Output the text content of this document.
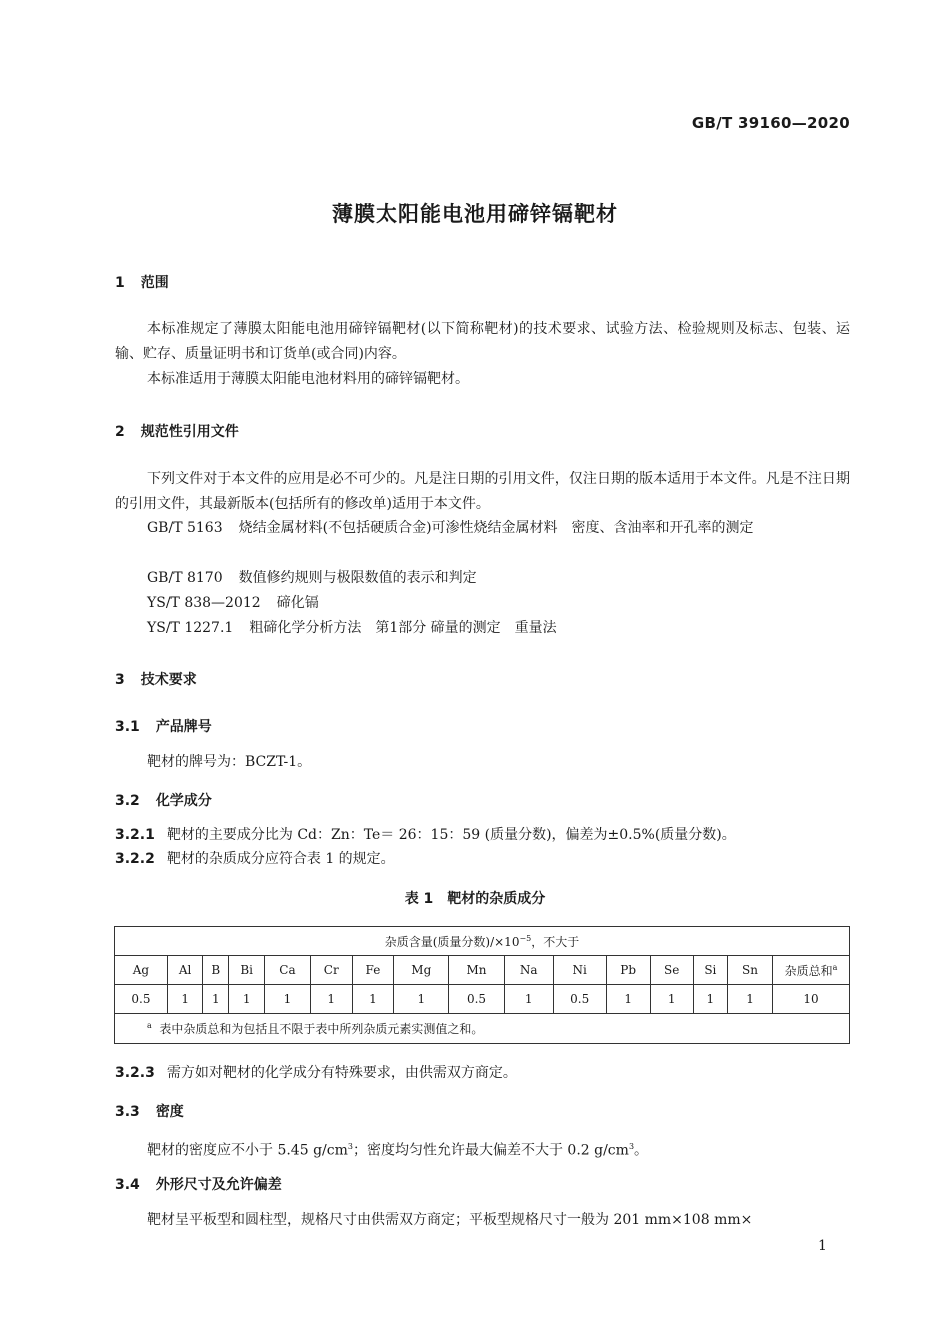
GB/T 39160—2020
薄膜太阳能电池用碲锌镉靶材
1 范围
本标准规定了薄膜太阳能电池用碲锌镉靶材(以下简称靶材)的技术要求、试验方法、检验规则及标志、包装、运输、贮存、质量证明书和订货单(或合同)内容。
本标准适用于薄膜太阳能电池材料用的碲锌镉靶材。
2 规范性引用文件
下列文件对于本文件的应用是必不可少的。凡是注日期的引用文件，仅注日期的版本适用于本文件。凡是不注日期的引用文件，其最新版本(包括所有的修改单)适用于本文件。
GB/T 5163 烧结金属材料(不包括硬质合金)可渗性烧结金属材料　密度、含油率和开孔率的测定
GB/T 8170 数值修约规则与极限数值的表示和判定
YS/T 838—2012 碲化镉
YS/T 1227.1 粗碲化学分析方法　第1部分 碲量的测定　重量法
3 技术要求
3.1 产品牌号
靶材的牌号为：BCZT-1。
3.2 化学成分
3.2.1 靶材的主要成分比为 Cd：Zn：Te＝ 26：15：59 (质量分数)，偏差为±0.5%(质量分数)。
3.2.2 靶材的杂质成分应符合表 1 的规定。
表 1　靶材的杂质成分
杂质含量(质量分数)$/\times 10^{-5}$，不大于															
Ag	Al	B	Bi	Ca	Cr	Fe	Mg	Mn	Na	Ni	Pb	Se	Si	Sn	杂质总和$^a$
0.5	1	1	1	1	1	1	1	0.5	1	0.5	1	1	1	1	10
$^a$ 表中杂质总和为包括且不限于表中所列杂质元素实测值之和。															
3.2.3 需方如对靶材的化学成分有特殊要求，由供需双方商定。
3.3 密度
靶材的密度应不小于 5.45 $g/cm^3$；密度均匀性允许最大偏差不大于 0.2 $g/cm^3$。
3.4 外形尺寸及允许偏差
靶材呈平板型和圆柱型，规格尺寸由供需双方商定；平板型规格尺寸一般为 201 mm×108 mm×
1
